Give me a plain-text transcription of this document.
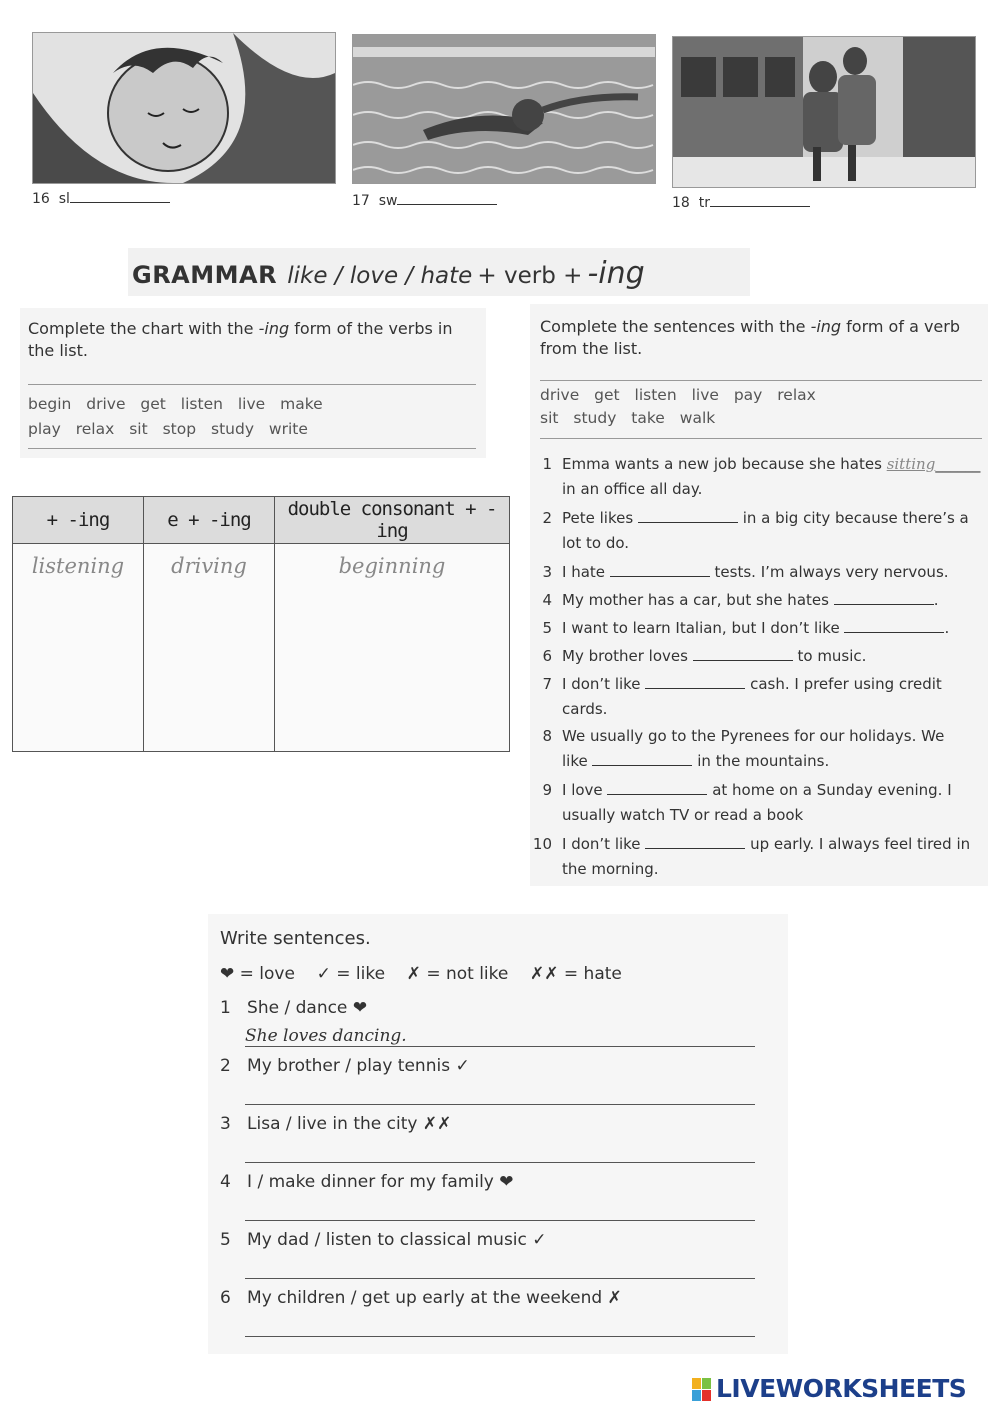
16 sl	17 sw	18 tr
GRAMMAR like / love / hate + verb + -ing
Complete the chart with the -ing form of the verbs in the list.
begin drive get listen live make
play relax sit stop study write
+ -ing	e + -ing	double consonant + -ing
listening	driving	beginning
Complete the sentences with the -ing form of a verb from the list.
drive get listen live pay relax
sit study take walk
1 Emma wants a new job because she hates sitting______
in an office all day.
2 Pete likes	in a big city because there’s a
lot to do.
3 I hate	tests. I’m always very nervous.
4 My mother has a car, but she hates	.
5 I want to learn Italian, but I don’t like	.
6 My brother loves	to music.
7 I don’t like	cash. I prefer using credit
cards.
8 We usually go to the Pyrenees for our holidays. We
like	in the mountains.
9 I love	at home on a Sunday evening. I
usually watch TV or read a book
10 I don’t like	up early. I always feel tired in
the morning.
Write sentences.
❤ = love ✓ = like ✗ = not like ✗✗ = hate
1 She / dance ❤
She loves dancing.
2 My brother / play tennis ✓
3 Lisa / live in the city ✗✗
4 I / make dinner for my family ❤
5 My dad / listen to classical music ✓
6 My children / get up early at the weekend ✗
LIVEWORKSHEETS
